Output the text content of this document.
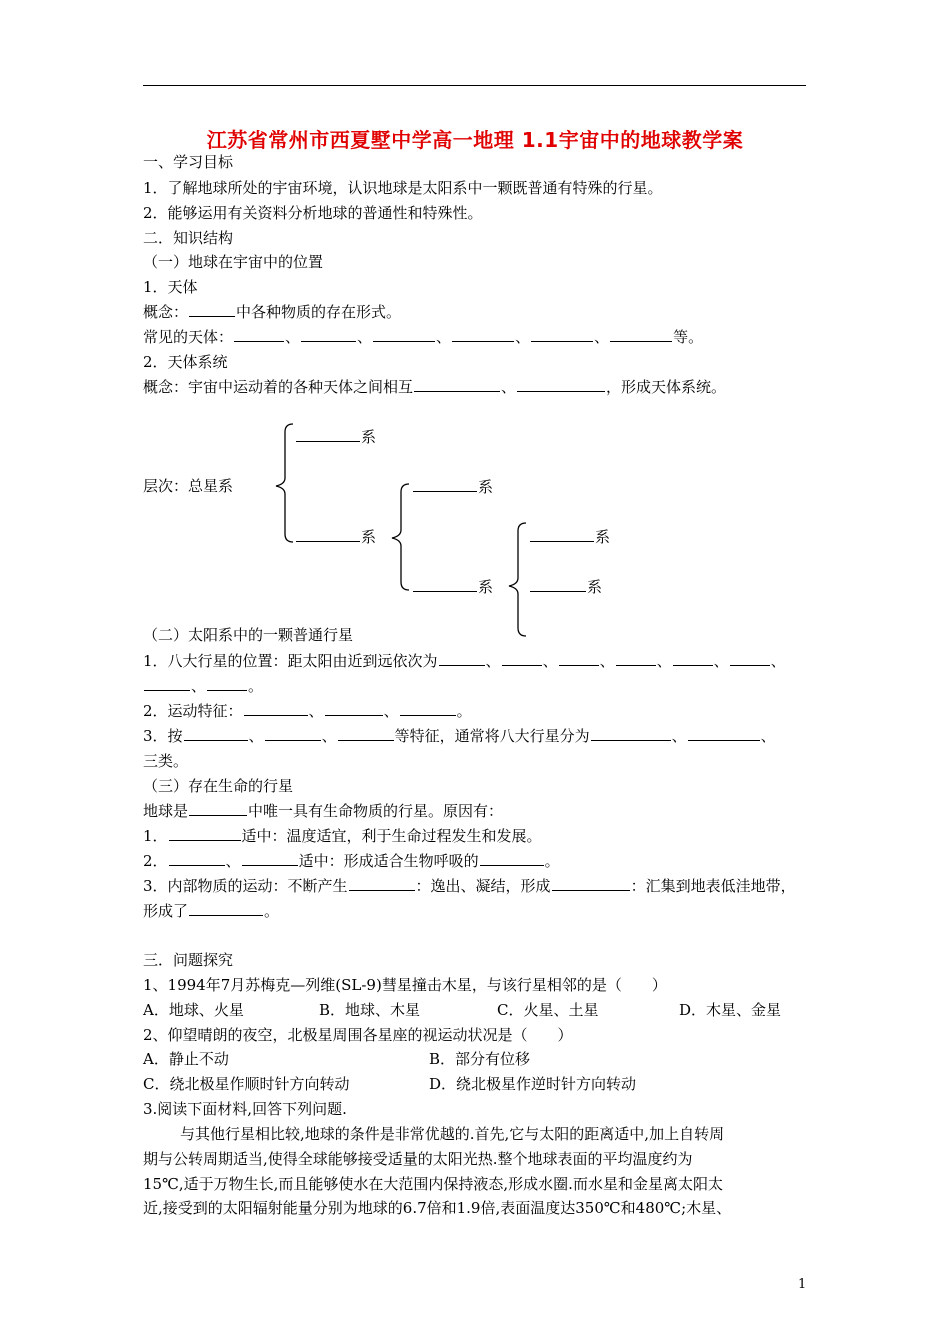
江苏省常州市西夏墅中学高一地理 1.1宇宙中的地球教学案
一、学习目标
1．了解地球所处的宇宙环境，认识地球是太阳系中一颗既普通有特殊的行星。
2．能够运用有关资料分析地球的普通性和特殊性。
二．知识结构
（一）地球在宇宙中的位置
1．天体
概念：	中各种物质的存在形式。
常见的天体：	、	、	、	、	、	等。
2．天体系统
概念：宇宙中运动着的各种天体之间相互	、	，形成天体系统。
层次：总星系
系
系
系
系
系
系
（二）太阳系中的一颗普通行星
1．八大行星的位置：距太阳由近到远依次为	、	、	、	、	、	、
、	。
2．运动特征：	、	、	。
3．按	、	、	等特征，通常将八大行星分为	、	、
三类。
（三）存在生命的行星
地球是	中唯一具有生命物质的行星。原因有：
1．	适中：温度适宜，利于生命过程发生和发展。
2．	、	适中：形成适合生物呼吸的	。
3．内部物质的运动：不断产生	：逸出、凝结，形成	：汇集到地表低洼地带，
形成了	。
三．问题探究
1、1994年7月苏梅克—列维(SL-9)彗星撞击木星，与该行星相邻的是（　　）
A．地球、火星	B．地球、木星	C．火星、土星	D．木星、金星
2、仰望晴朗的夜空，北极星周围各星座的视运动状况是（　　）
A．静止不动	B．部分有位移
C．绕北极星作顺时针方向转动	D．绕北极星作逆时针方向转动
3.阅读下面材料,回答下列问题.
与其他行星相比较,地球的条件是非常优越的.首先,它与太阳的距离适中,加上自转周
期与公转周期适当,使得全球能够接受适量的太阳光热.整个地球表面的平均温度约为
15℃,适于万物生长,而且能够使水在大范围内保持液态,形成水圈.而水星和金星离太阳太
近,接受到的太阳辐射能量分别为地球的6.7倍和1.9倍,表面温度达350℃和480℃;木星、
1
